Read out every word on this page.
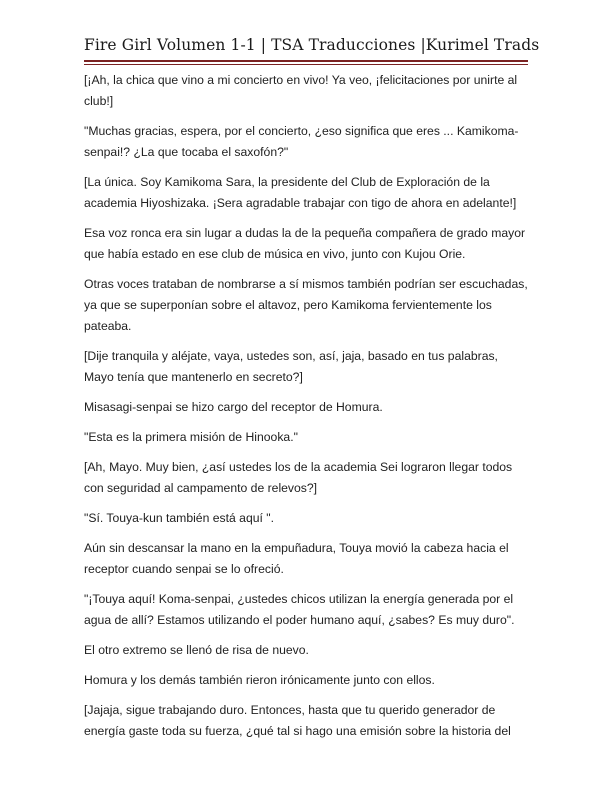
Fire Girl Volumen 1-1 | TSA Traducciones |Kurimel Trads

[¡Ah, la chica que vino a mi concierto en vivo! Ya veo, ¡felicitaciones por unirte al club!]

"Muchas gracias, espera, por el concierto, ¿eso significa que eres ... Kamikoma-senpai!? ¿La que tocaba el saxofón?"

[La única. Soy Kamikoma Sara, la presidente del Club de Exploración de la academia Hiyoshizaka. ¡Sera agradable trabajar con tigo de ahora en adelante!]

Esa voz ronca era sin lugar a dudas la de la pequeña compañera de grado mayor que había estado en ese club de música en vivo, junto con Kujou Orie.

Otras voces trataban de nombrarse a sí mismos también podrían ser escuchadas, ya que se superponían sobre el altavoz, pero Kamikoma fervientemente los pateaba.

[Dije tranquila y aléjate, vaya, ustedes son, así, jaja, basado en tus palabras, Mayo tenía que mantenerlo en secreto?]

Misasagi-senpai se hizo cargo del receptor de Homura.

"Esta es la primera misión de Hinooka."

[Ah, Mayo. Muy bien, ¿así ustedes los de la academia Sei lograron llegar todos con seguridad al campamento de relevos?]

"Sí. Touya-kun también está aquí ".

Aún sin descansar la mano en la empuñadura, Touya movió la cabeza hacia el receptor cuando senpai se lo ofreció.

"¡Touya aquí! Koma-senpai, ¿ustedes chicos utilizan la energía generada por el agua de allí? Estamos utilizando el poder humano aquí, ¿sabes? Es muy duro".

El otro extremo se llenó de risa de nuevo.

Homura y los demás también rieron irónicamente junto con ellos.

[Jajaja, sigue trabajando duro. Entonces, hasta que tu querido generador de energía gaste toda su fuerza, ¿qué tal si hago una emisión sobre la historia del
